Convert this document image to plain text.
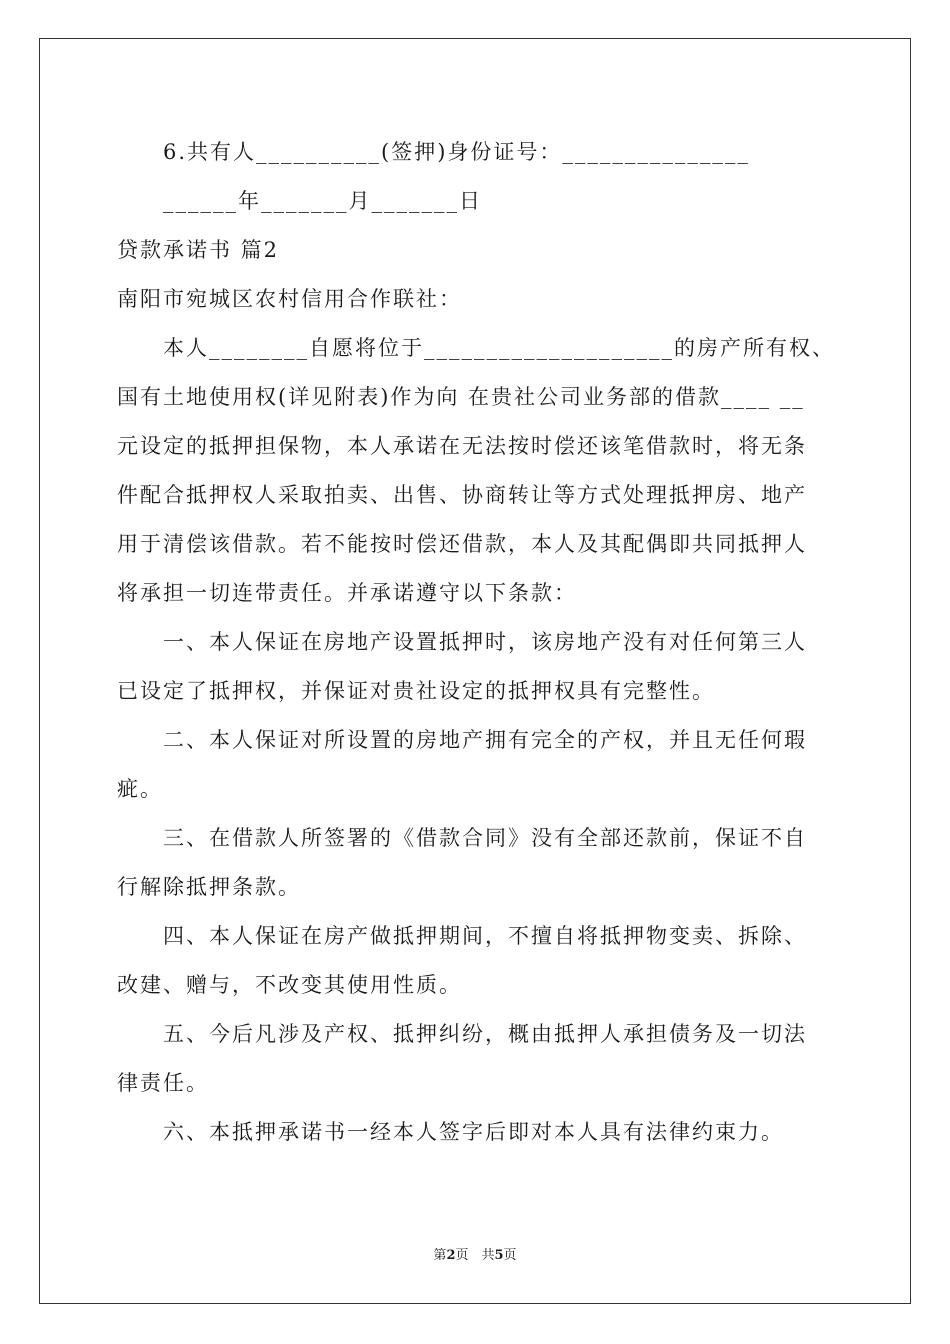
6.共有人__________(签押)身份证号：_______________
______年_______月_______日
贷款承诺书 篇2
南阳市宛城区农村信用合作联社：
本人________自愿将位于____________________的房产所有权、
国有土地使用权(详见附表)作为向 在贵社公司业务部的借款____ __
元设定的抵押担保物，本人承诺在无法按时偿还该笔借款时，将无条
件配合抵押权人采取拍卖、出售、协商转让等方式处理抵押房、地产
用于清偿该借款。若不能按时偿还借款，本人及其配偶即共同抵押人
将承担一切连带责任。并承诺遵守以下条款：
一、本人保证在房地产设置抵押时，该房地产没有对任何第三人
已设定了抵押权，并保证对贵社设定的抵押权具有完整性。
二、本人保证对所设置的房地产拥有完全的产权，并且无任何瑕
疵。
三、在借款人所签署的《借款合同》没有全部还款前，保证不自
行解除抵押条款。
四、本人保证在房产做抵押期间，不擅自将抵押物变卖、拆除、
改建、赠与，不改变其使用性质。
五、今后凡涉及产权、抵押纠纷，概由抵押人承担债务及一切法
律责任。
六、本抵押承诺书一经本人签字后即对本人具有法律约束力。
第2页　共5页
